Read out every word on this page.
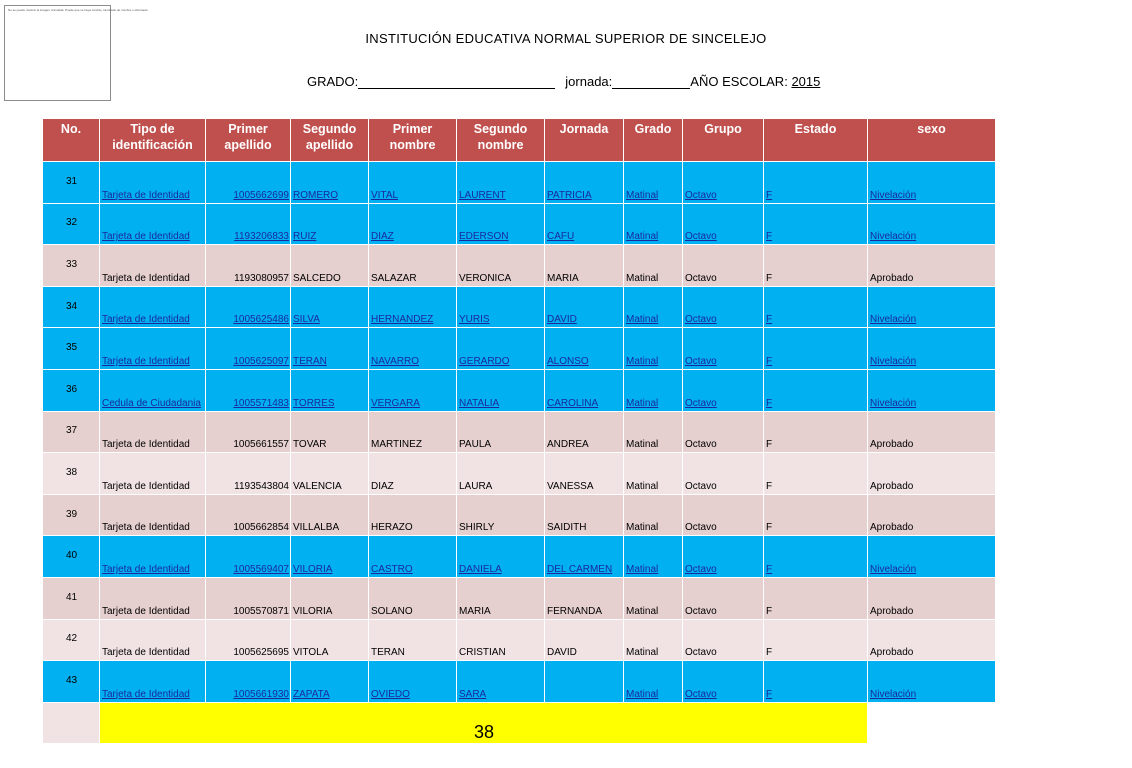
No se puede mostrar la imagen vinculada. Puede que se haya movido, cambiado de nombre o eliminado.
INSTITUCIÓN EDUCATIVA NORMAL SUPERIOR DE SINCELEJO
GRADO:	jornada:	AÑO ESCOLAR: 2015
No.	Tipo de identificación	Primer apellido	Segundo apellido	Primer nombre	Segundo nombre	Jornada	Grado	Grupo	Estado	sexo
31	Tarjeta de Identidad	1005662699	ROMERO	VITAL	LAURENT	PATRICIA	Matinal	Octavo	F	Nivelación
32	Tarjeta de Identidad	1193206833	RUIZ	DIAZ	EDERSON	CAFU	Matinal	Octavo	F	Nivelación
33	Tarjeta de Identidad	1193080957	SALCEDO	SALAZAR	VERONICA	MARIA	Matinal	Octavo	F	Aprobado
34	Tarjeta de Identidad	1005625486	SILVA	HERNANDEZ	YURIS	DAVID	Matinal	Octavo	F	Nivelación
35	Tarjeta de Identidad	1005625097	TERAN	NAVARRO	GERARDO	ALONSO	Matinal	Octavo	F	Nivelación
36	Cedula de Ciudadania	1005571483	TORRES	VERGARA	NATALIA	CAROLINA	Matinal	Octavo	F	Nivelación
37	Tarjeta de Identidad	1005661557	TOVAR	MARTINEZ	PAULA	ANDREA	Matinal	Octavo	F	Aprobado
38	Tarjeta de Identidad	1193543804	VALENCIA	DIAZ	LAURA	VANESSA	Matinal	Octavo	F	Aprobado
39	Tarjeta de Identidad	1005662854	VILLALBA	HERAZO	SHIRLY	SAIDITH	Matinal	Octavo	F	Aprobado
40	Tarjeta de Identidad	1005569407	VILORIA	CASTRO	DANIELA	DEL CARMEN	Matinal	Octavo	F	Nivelación
41	Tarjeta de Identidad	1005570871	VILORIA	SOLANO	MARIA	FERNANDA	Matinal	Octavo	F	Aprobado
42	Tarjeta de Identidad	1005625695	VITOLA	TERAN	CRISTIAN	DAVID	Matinal	Octavo	F	Aprobado
43	Tarjeta de Identidad	1005661930	ZAPATA	OVIEDO	SARA		Matinal	Octavo	F	Nivelación
	38									
